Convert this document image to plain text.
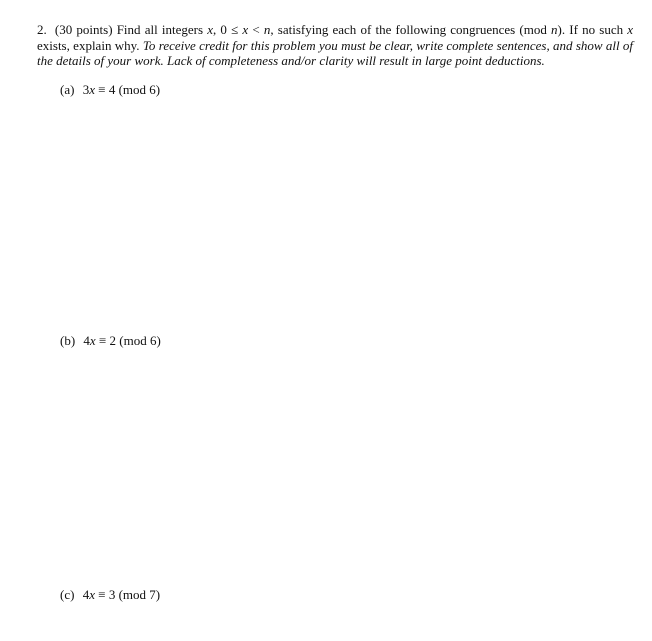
2. (30 points) Find all integers x, 0 ≤ x < n, satisfying each of the following congruences (mod n). If no such x exists, explain why. To receive credit for this problem you must be clear, write complete sentences, and show all of the details of your work. Lack of completeness and/or clarity will result in large point deductions.

(a) 3x ≡ 4 (mod 6)
(b) 4x ≡ 2 (mod 6)
(c) 4x ≡ 3 (mod 7)
